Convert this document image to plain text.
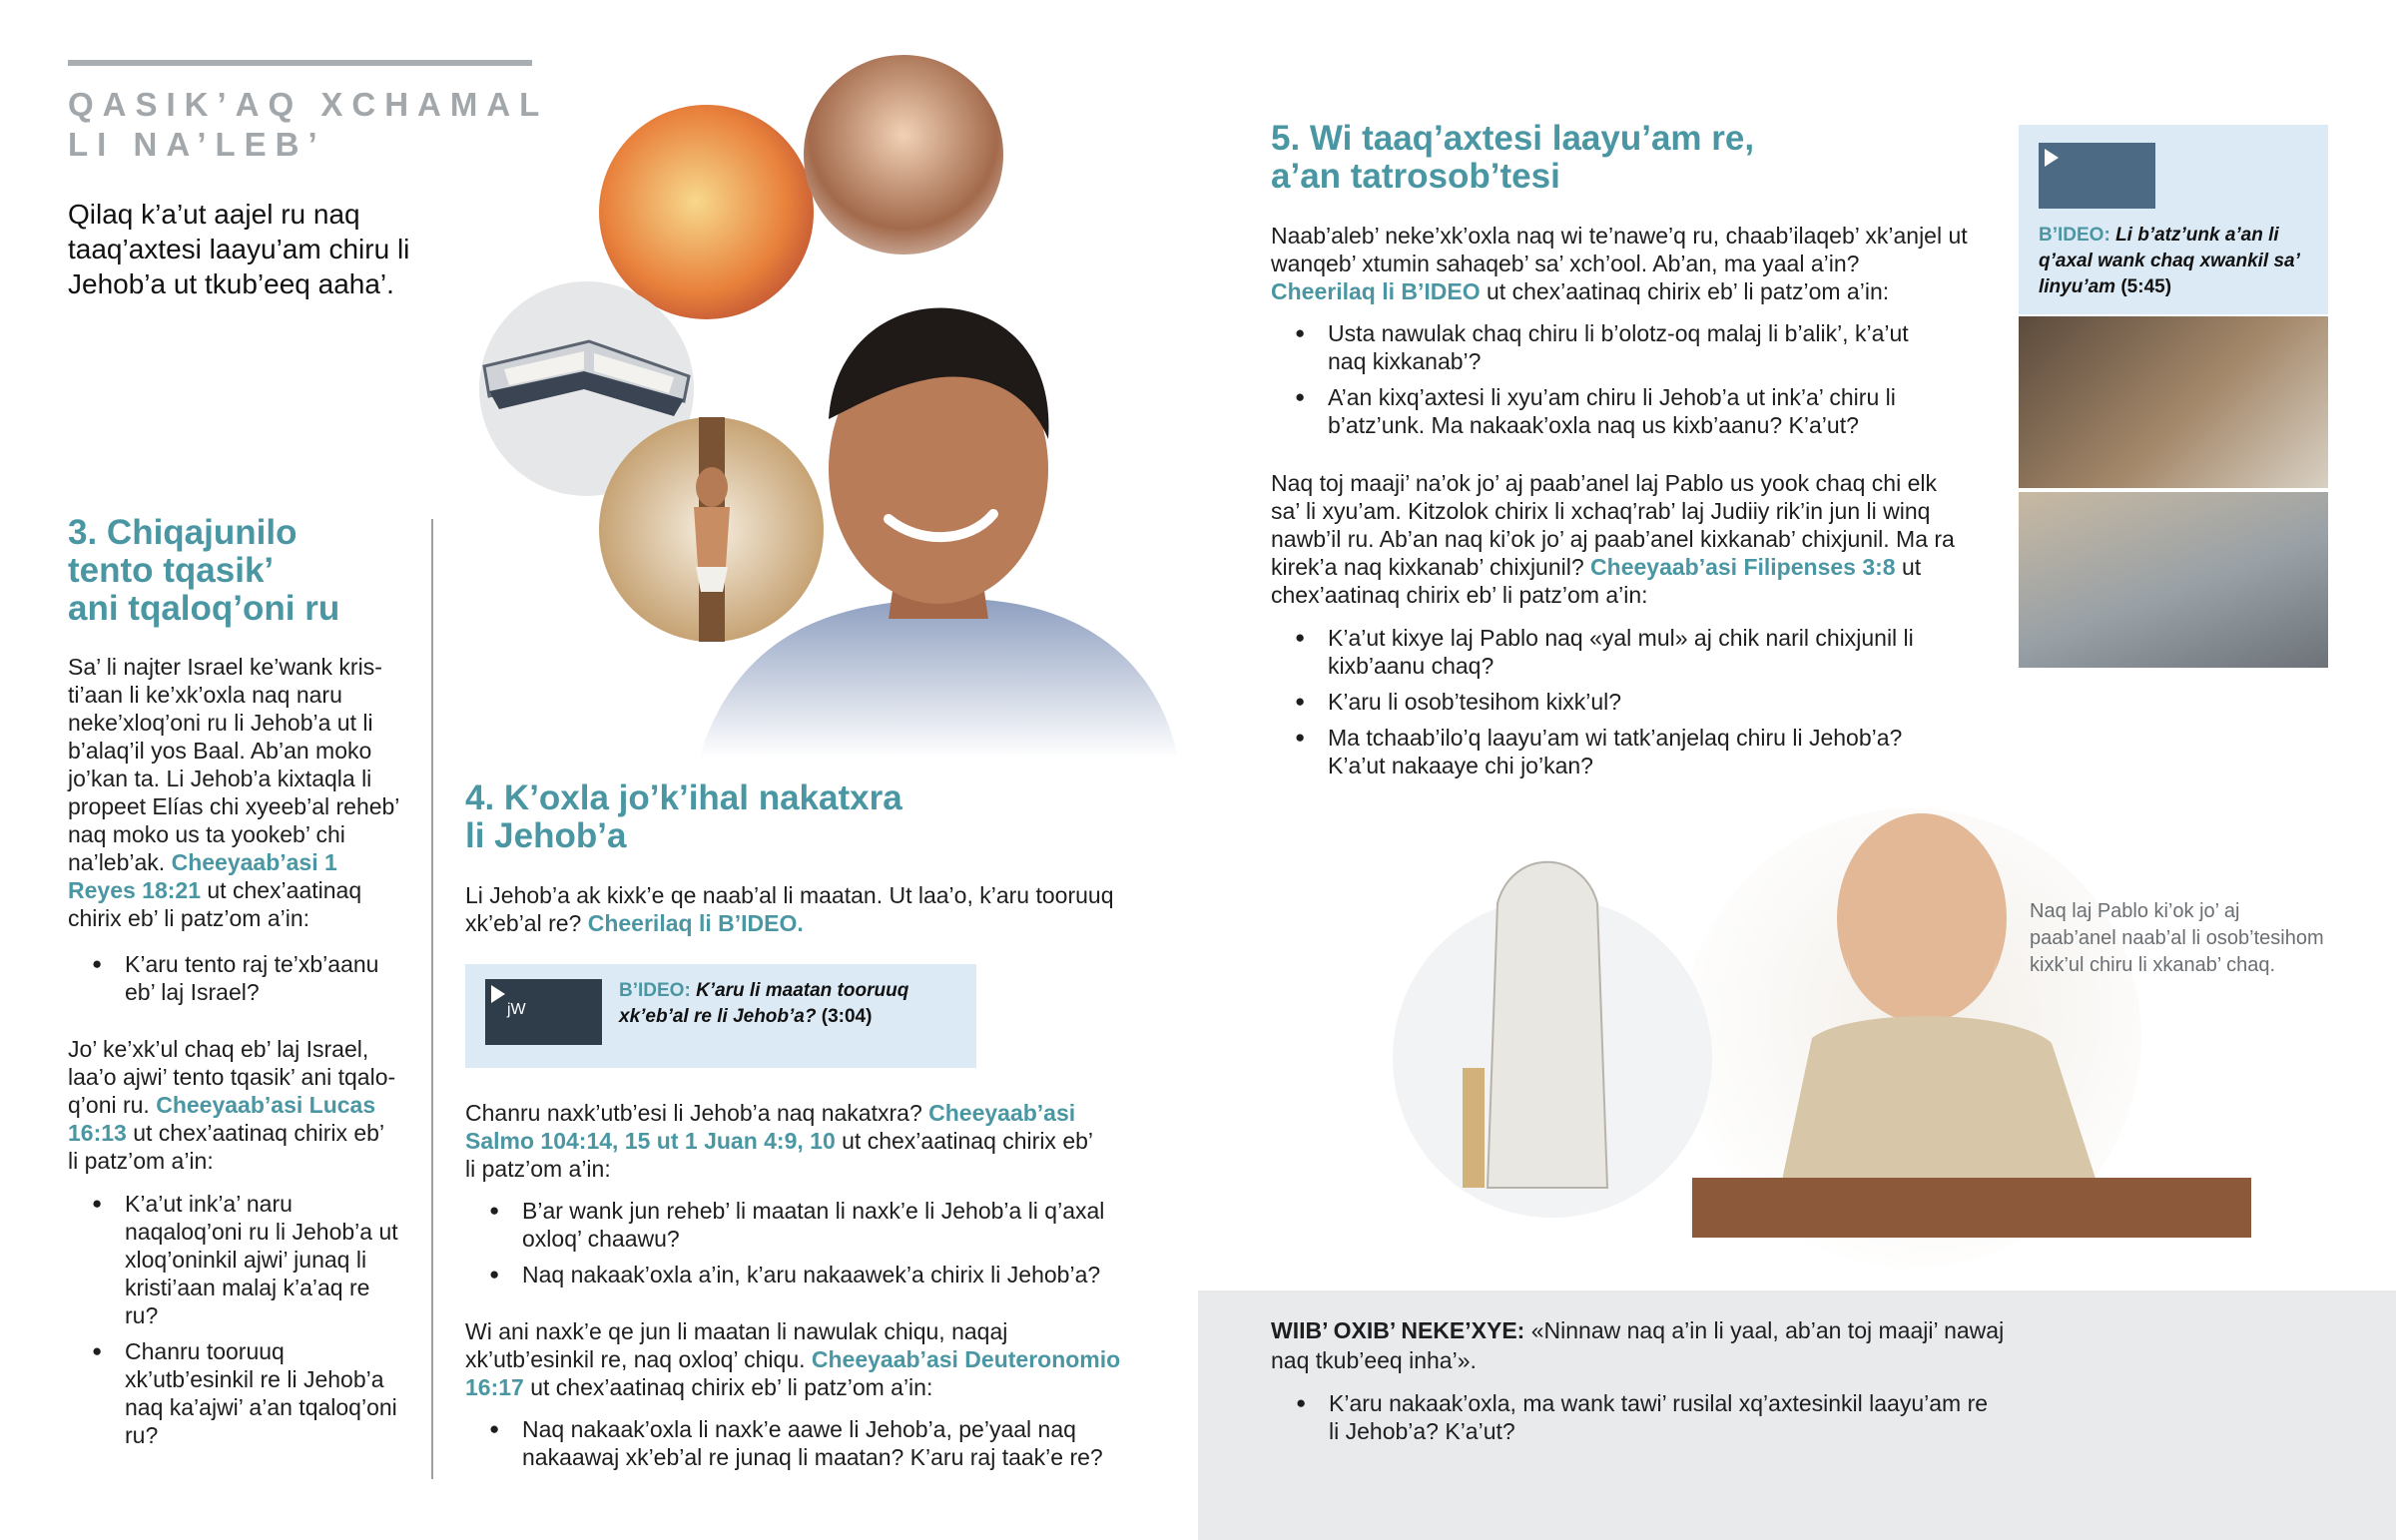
QASIK’AQ XCHAMAL
LI NA’LEB’

Qilaq k’a’ut aajel ru naq taaq’axtesi laayu’am chiru li Jehob’a ut tkub’eeq aaha’.

3. Chiqajunilo
tento tqasik’
ani tqaloq’oni ru

Sa’ li najter Israel ke’wank kristi’aan li ke’xk’oxla naq naru neke’xloq’oni ru li Jehob’a ut li b’alaq’il yos Baal. Ab’an moko jo’kan ta. Li Jehob’a kixtaqla li propeet Elías chi xyeeb’al reheb’ naq moko us ta yookeb’ chi na’leb’ak. Cheeyaab’asi 1 Reyes 18:21 ut chex’aatinaq chirix eb’ li patz’om a’in:

● K’aru tento raj te’xb’aanu eb’ laj Israel?

Jo’ ke’xk’ul chaq eb’ laj Israel, laa’o ajwi’ tento tqasik’ ani tqaloq’oni ru. Cheeyaab’asi Lucas 16:13 ut chex’aatinaq chirix eb’ li patz’om a’in:

● K’a’ut ink’a’ naru naqaloq’oni ru li Jehob’a ut xloq’oninkil ajwi’ junaq li kristi’aan malaj k’a’aq re ru?
● Chanru tooruuq xk’utb’esinkil re li Jehob’a naq ka’ajwi’ a’an tqaloq’oni ru?
4. K’oxla jo’k’ihal nakatxra
li Jehob’a

Li Jehob’a ak kixk’e qe naab’al li maatan. Ut laa’o, k’aru tooruuq xk’eb’al re? Cheerilaq li B’IDEO.

jW
B’IDEO: K’aru li maatan tooruuq xk’eb’al re li Jehob’a? (3:04)

Chanru naxk’utb’esi li Jehob’a naq nakatxra? Cheeyaab’asi Salmo 104:14, 15 ut 1 Juan 4:9, 10 ut chex’aatinaq chirix eb’ li patz’om a’in:

● B’ar wank jun reheb’ li maatan li naxk’e li Jehob’a li q’axal oxloq’ chaawu?
● Naq nakaak’oxla a’in, k’aru nakaawek’a chirix li Jehob’a?

Wi ani naxk’e qe jun li maatan li nawulak chiqu, naqaj xk’utb’esinkil re, naq oxloq’ chiqu. Cheeyaab’asi Deuteronomio 16:17 ut chex’aatinaq chirix eb’ li patz’om a’in:

● Naq nakaak’oxla li naxk’e aawe li Jehob’a, pe’yaal naq nakaawaj xk’eb’al re junaq li maatan? K’aru raj taak’e re?
5. Wi taaq’axtesi laayu’am re,
a’an tatrosob’tesi

Naab’aleb’ neke’xk’oxla naq wi te’nawe’q ru, chaab’ilaqeb’ xk’anjel ut wanqeb’ xtumin sahaqeb’ sa’ xch’ool. Ab’an, ma yaal a’in? Cheerilaq li B’IDEO ut chex’aatinaq chirix eb’ li patz’om a’in:

● Usta nawulak chaq chiru li b’olotz-oq malaj li b’alik’, k’a’ut naq kixkanab’?
● A’an kixq’axtesi li xyu’am chiru li Jehob’a ut ink’a’ chiru li b’atz’unk. Ma nakaak’oxla naq us kixb’aanu? K’a’ut?

Naq toj maaji’ na’ok jo’ aj paab’anel laj Pablo us yook chaq chi elk sa’ li xyu’am. Kitzolok chirix li xchaq’rab’ laj Judiiy rik’in jun li winq nawb’il ru. Ab’an naq ki’ok jo’ aj paab’anel kixkanab’ chixjunil. Ma ra kirek’a naq kixkanab’ chixjunil? Cheeyaab’asi Filipenses 3:8 ut chex’aatinaq chirix eb’ li patz’om a’in:

● K’a’ut kixye laj Pablo naq «yal mul» aj chik naril chixjunil li kixb’aanu chaq?
● K’aru li osob’tesihom kixk’ul?
● Ma tchaab’ilo’q laayu’am wi tatk’anjelaq chiru li Jehob’a? K’a’ut nakaaye chi jo’kan?
B’IDEO: Li b’atz’unk a’an li q’axal wank chaq xwankil sa’ linyu’am (5:45)

Naq laj Pablo ki’ok jo’ aj paab’anel naab’al li osob’tesihom kixk’ul chiru li xkanab’ chaq.

WIIB’ OXIB’ NEKE’XYE: «Ninnaw naq a’in li yaal, ab’an toj maaji’ nawaj naq tkub’eeq inha’».

● K’aru nakaak’oxla, ma wank tawi’ rusilal xq’axtesinkil laayu’am re li Jehob’a? K’a’ut?
